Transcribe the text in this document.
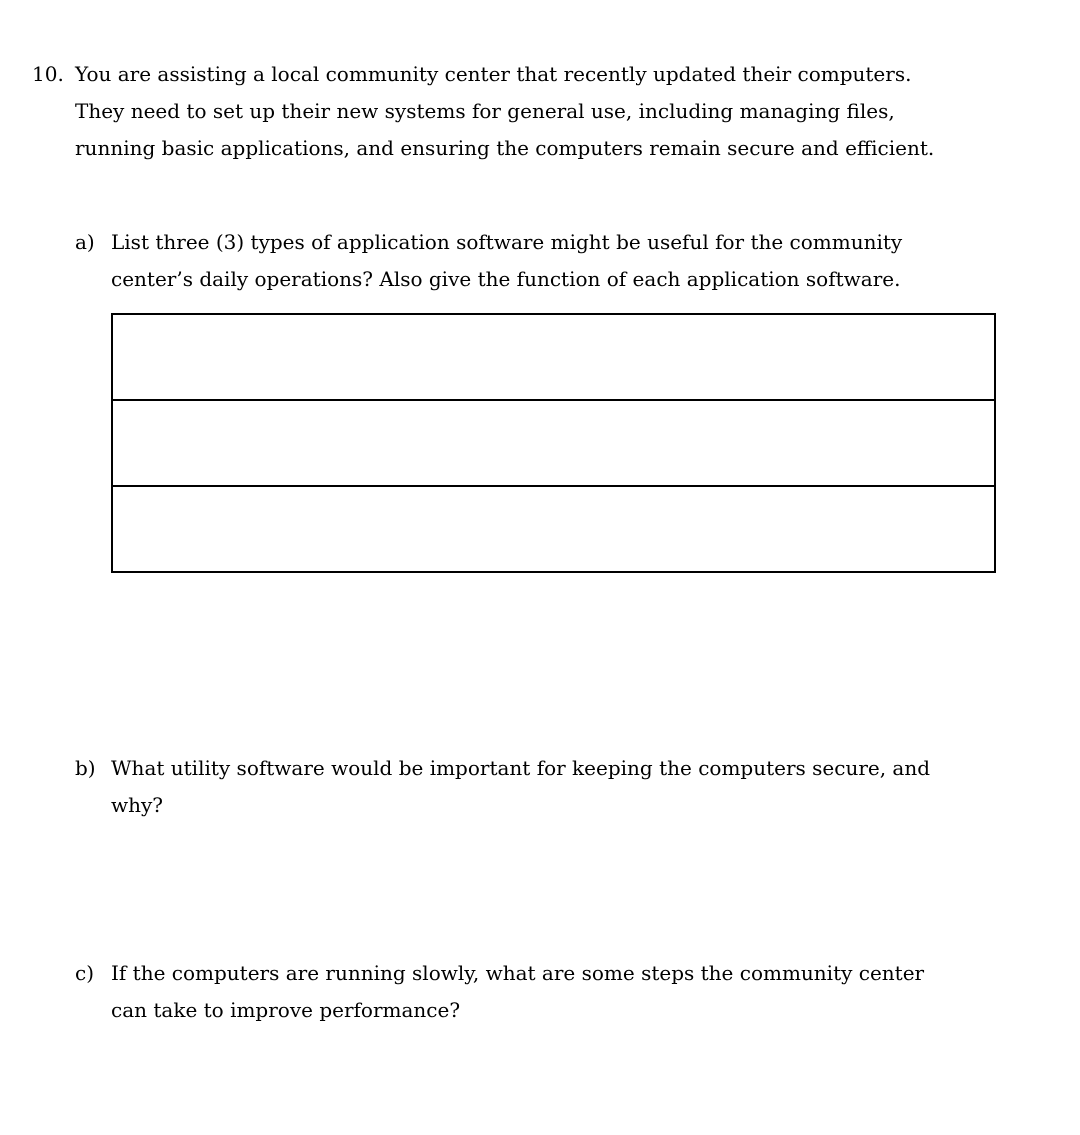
10. You are assisting a local community center that recently updated their computers.
They need to set up their new systems for general use, including managing files,
running basic applications, and ensuring the computers remain secure and efficient.
a) List three (3) types of application software might be useful for the community
center’s daily operations? Also give the function of each application software.

b) What utility software would be important for keeping the computers secure, and
why?
c) If the computers are running slowly, what are some steps the community center
can take to improve performance?
